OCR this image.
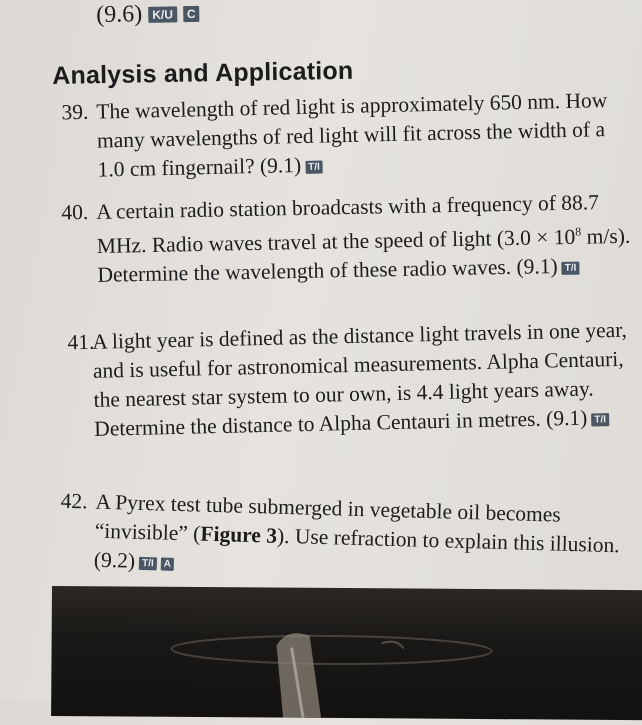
(9.6) K/U C
Analysis and Application
39. The wavelength of red light is approximately 650 nm. How many wavelengths of red light will fit across the width of a 1.0 cm fingernail? (9.1) T/I
40. A certain radio station broadcasts with a frequency of 88.7 MHz. Radio waves travel at the speed of light ($3.0 \times 10^8$ m/s). Determine the wavelength of these radio waves. (9.1) T/I
41.
A light year is defined as the distance light travels in one year, and is useful for astronomical measurements. Alpha Centauri, the nearest star system to our own, is 4.4 light years away. Determine the distance to Alpha Centauri in metres. (9.1) T/I
42. A Pyrex test tube submerged in vegetable oil becomes “invisible” (Figure 3). Use refraction to explain this illusion. (9.2) T/I A
